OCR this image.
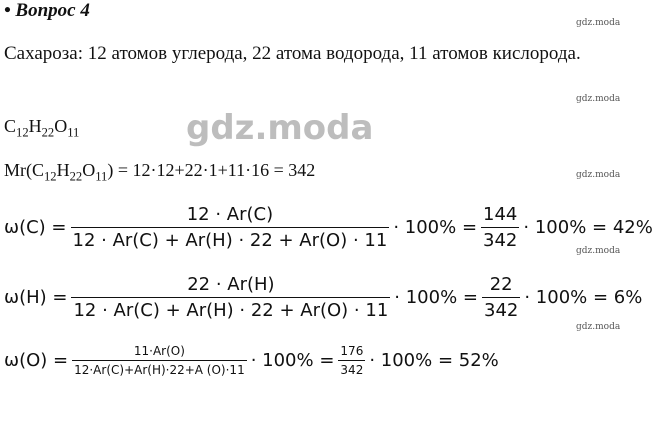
• Вопрос 4
gdz.moda
gdz.moda
gdz.moda
gdz.moda
gdz.moda
Сахароза: 12 атомов углерода, 22 атома водорода, 11 атомов кислорода.
gdz.moda
$C_{12}H_{22}O_{11}$
$Mr(C_{12}H_{22}O_{11}) = 12\cdot 12+22\cdot 1+11\cdot 16 = 342$
$\omega(C) = \frac{12 \cdot Ar(C)}{12 \cdot Ar(C) + Ar(H) \cdot 22 + Ar(O) \cdot 11} \cdot 100\% = \frac{144}{342} \cdot 100\% = 42\%$
$\omega(H) = \frac{22 \cdot Ar(H)}{12 \cdot Ar(C) + Ar(H) \cdot 22 + Ar(O) \cdot 11} \cdot 100\% = \frac{22}{342} \cdot 100\% = 6\%$
$\omega(O) = \frac{11\cdot Ar(O)}{12\cdot Ar(C)+Ar(H)\cdot 22+A (O)\cdot 11} \cdot 100\% = \frac{176}{342} \cdot 100\% = 52\%$
